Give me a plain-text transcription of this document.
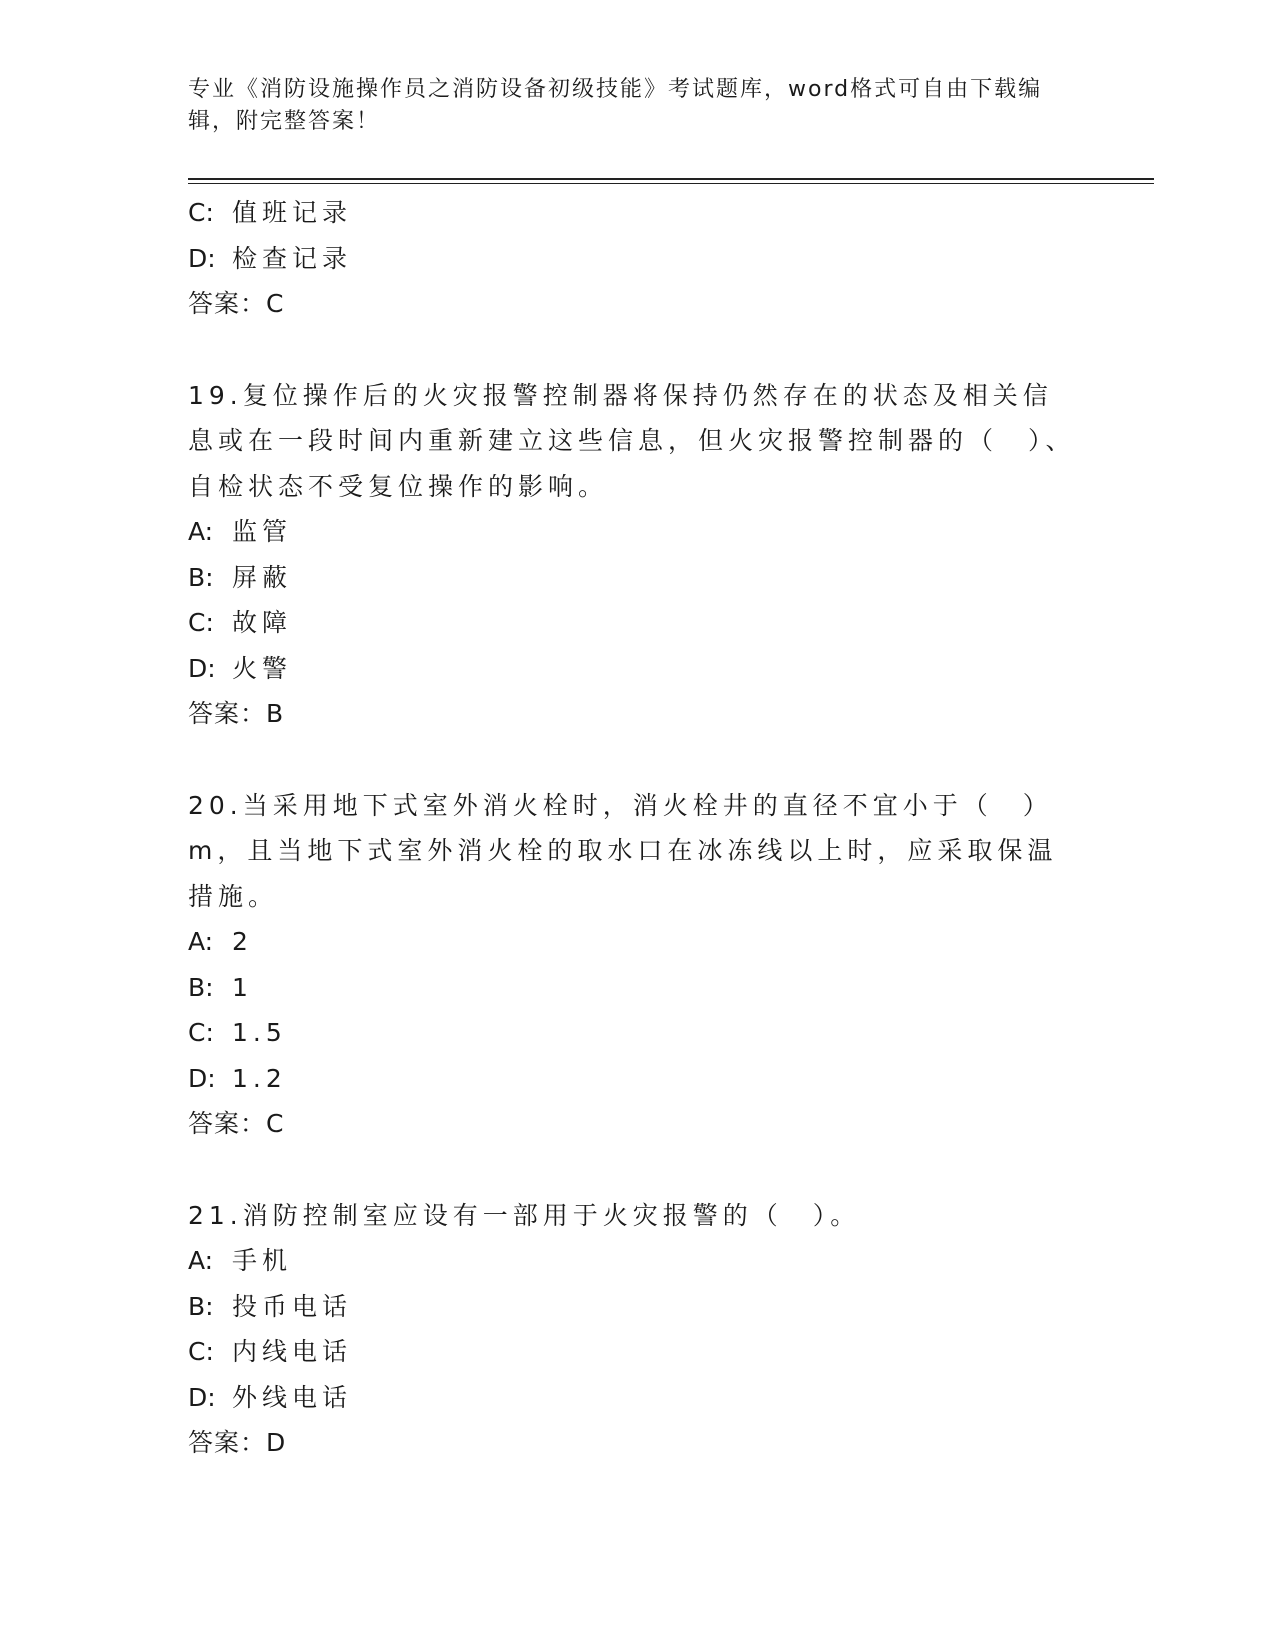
专业《消防设施操作员之消防设备初级技能》考试题库，word格式可自由下载编辑，附完整答案！
C: 值班记录
D: 检查记录
答案：C
19.复位操作后的火灾报警控制器将保持仍然存在的状态及相关信息或在一段时间内重新建立这些信息，但火灾报警控制器的（　）、自检状态不受复位操作的影响。
A: 监管
B: 屏蔽
C: 故障
D: 火警
答案：B
20.当采用地下式室外消火栓时，消火栓井的直径不宜小于（　）m，且当地下式室外消火栓的取水口在冰冻线以上时，应采取保温措施。
A: 2
B: 1
C: 1.5
D: 1.2
答案：C
21.消防控制室应设有一部用于火灾报警的（　）。
A: 手机
B: 投币电话
C: 内线电话
D: 外线电话
答案：D
